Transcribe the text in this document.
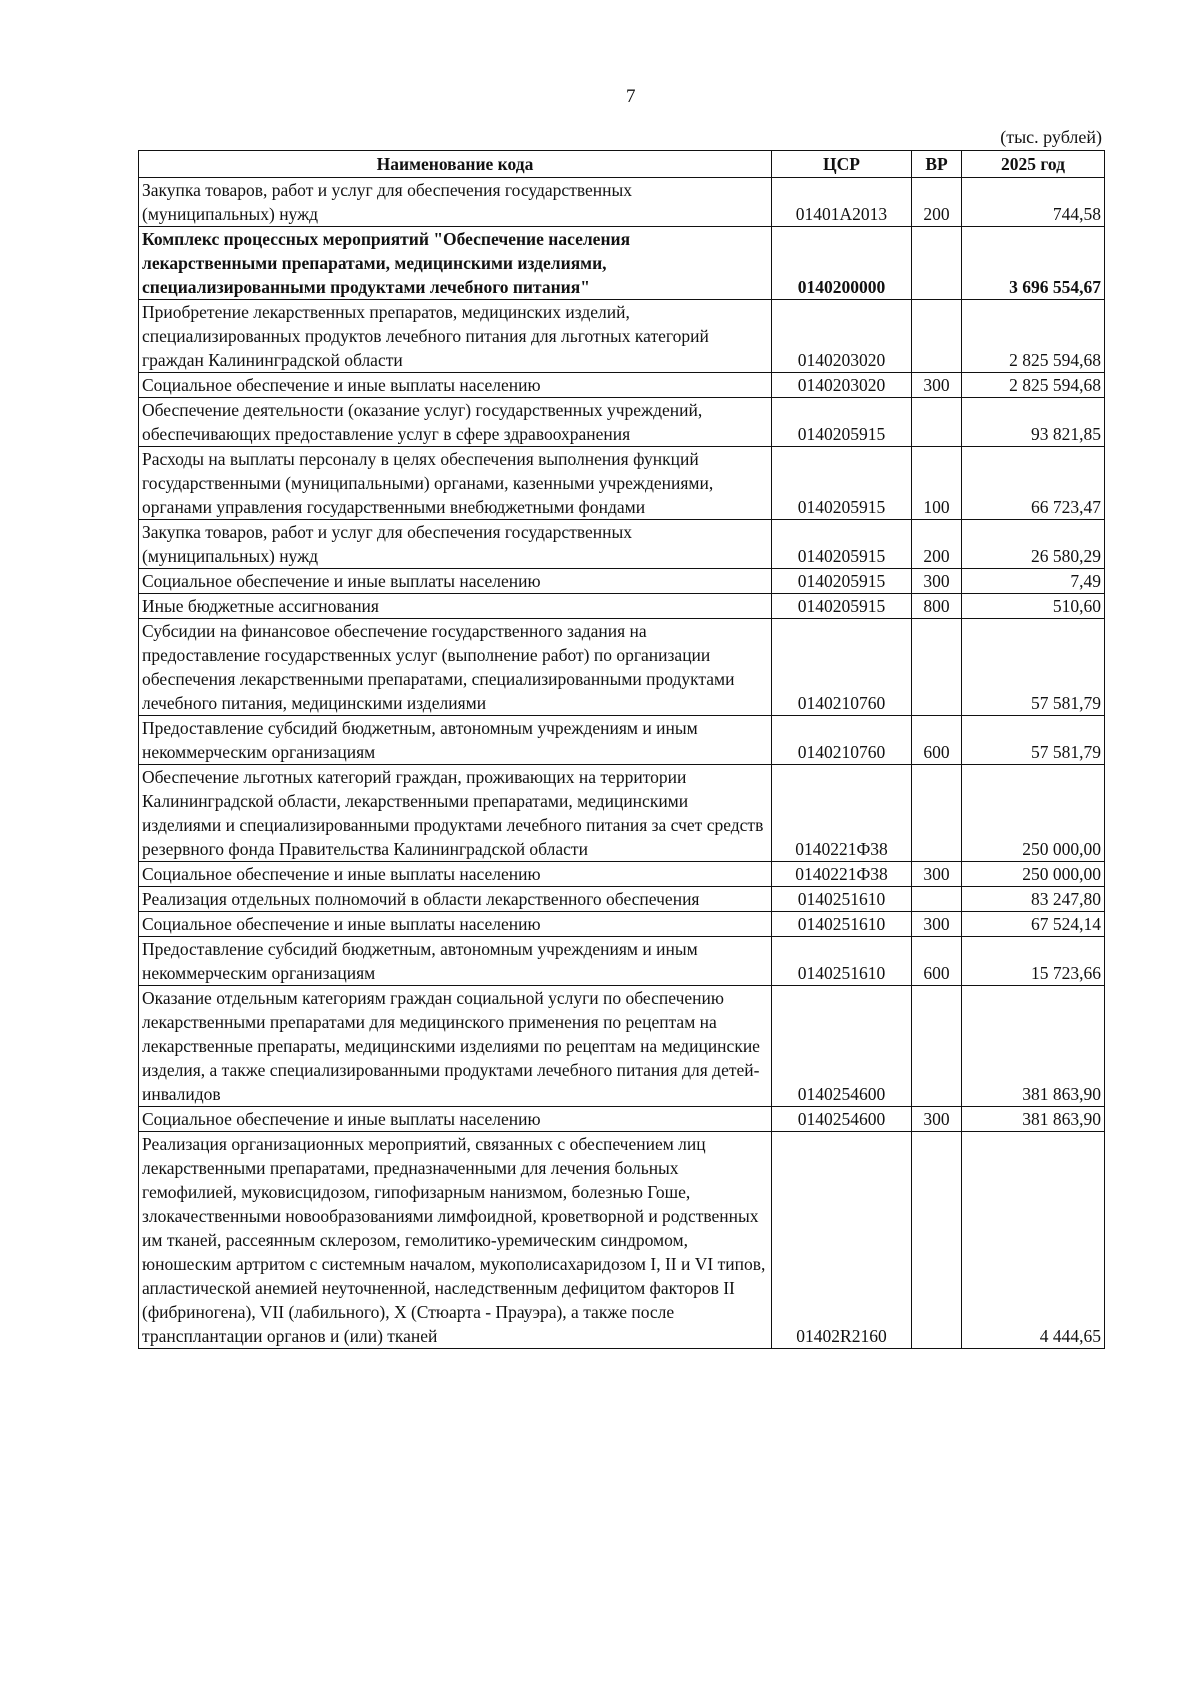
7
(тыс. рублей)
Наименование кода	ЦСР	ВР	2025 год
Закупка товаров, работ и услуг для обеспечения государственных (муниципальных) нужд	01401А2013	200	744,58
Комплекс процессных мероприятий "Обеспечение населения лекарственными препаратами, медицинскими изделиями, специализированными продуктами лечебного питания"	0140200000		3 696 554,67
Приобретение лекарственных препаратов, медицинских изделий, специализированных продуктов лечебного питания для льготных категорий граждан Калининградской области	0140203020		2 825 594,68
Социальное обеспечение и иные выплаты населению	0140203020	300	2 825 594,68
Обеспечение деятельности (оказание услуг) государственных учреждений, обеспечивающих предоставление услуг в сфере здравоохранения	0140205915		93 821,85
Расходы на выплаты персоналу в целях обеспечения выполнения функций государственными (муниципальными) органами, казенными учреждениями, органами управления государственными внебюджетными фондами	0140205915	100	66 723,47
Закупка товаров, работ и услуг для обеспечения государственных (муниципальных) нужд	0140205915	200	26 580,29
Социальное обеспечение и иные выплаты населению	0140205915	300	7,49
Иные бюджетные ассигнования	0140205915	800	510,60
Субсидии на финансовое обеспечение государственного задания на предоставление государственных услуг (выполнение работ) по организации обеспечения лекарственными препаратами, специализированными продуктами лечебного питания, медицинскими изделиями	0140210760		57 581,79
Предоставление субсидий бюджетным, автономным учреждениям и иным некоммерческим организациям	0140210760	600	57 581,79
Обеспечение льготных категорий граждан, проживающих на территории Калининградской области, лекарственными препаратами, медицинскими изделиями и специализированными продуктами лечебного питания за счет средств резервного фонда Правительства Калининградской области	0140221Ф38		250 000,00
Социальное обеспечение и иные выплаты населению	0140221Ф38	300	250 000,00
Реализация отдельных полномочий в области лекарственного обеспечения	0140251610		83 247,80
Социальное обеспечение и иные выплаты населению	0140251610	300	67 524,14
Предоставление субсидий бюджетным, автономным учреждениям и иным некоммерческим организациям	0140251610	600	15 723,66
Оказание отдельным категориям граждан социальной услуги по обеспечению лекарственными препаратами для медицинского применения по рецептам на лекарственные препараты, медицинскими изделиями по рецептам на медицинские изделия, а также специализированными продуктами лечебного питания для детей-инвалидов	0140254600		381 863,90
Социальное обеспечение и иные выплаты населению	0140254600	300	381 863,90
Реализация организационных мероприятий, связанных с обеспечением лиц лекарственными препаратами, предназначенными для лечения больных гемофилией, муковисцидозом, гипофизарным нанизмом, болезнью Гоше, злокачественными новообразованиями лимфоидной, кроветворной и родственных им тканей, рассеянным склерозом, гемолитико-уремическим синдромом, юношеским артритом с системным началом, мукополисахаридозом I, II и VI типов, апластической анемией неуточненной, наследственным дефицитом факторов II (фибриногена), VII (лабильного), X (Стюарта - Прауэра), а также после трансплантации органов и (или) тканей	01402R2160		4 444,65
